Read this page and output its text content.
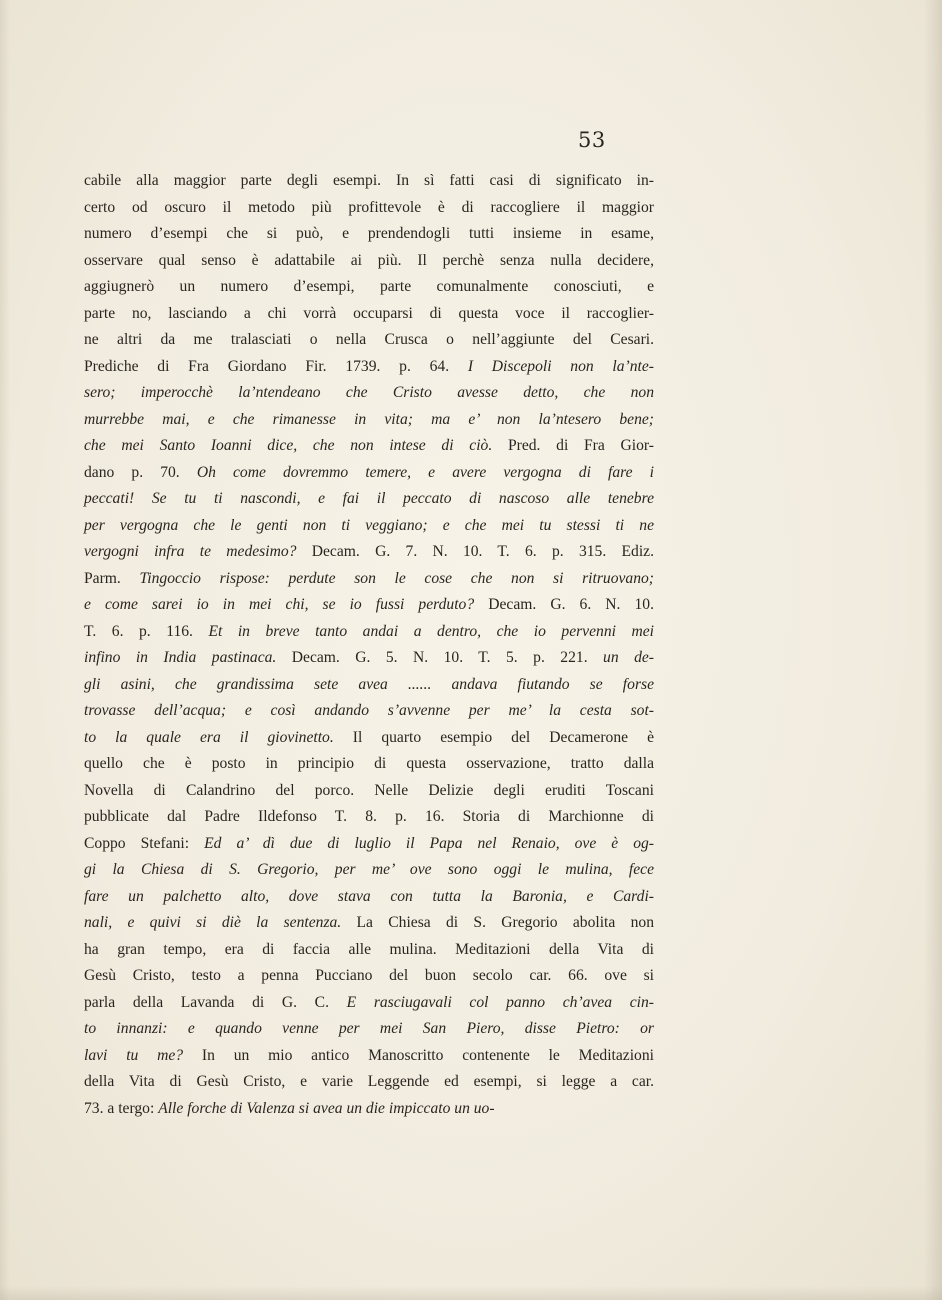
53
cabile alla maggior parte degli esempi. In sì fatti casi di significato in-
certo od oscuro il metodo più profittevole è di raccogliere il maggior
numero d’esempi che si può, e prendendogli tutti insieme in esame,
osservare qual senso è adattabile ai più. Il perchè senza nulla decidere,
aggiugnerò un numero d’esempi, parte comunalmente conosciuti, e
parte no, lasciando a chi vorrà occuparsi di questa voce il raccoglier-
ne altri da me tralasciati o nella Crusca o nell’aggiunte del Cesari.
Prediche di Fra Giordano Fir. 1739. p. 64. I Discepoli non la’nte-
sero; imperocchè la’ntendeano che Cristo avesse detto, che non
murrebbe mai, e che rimanesse in vita; ma e’ non la’ntesero bene;
che mei Santo Ioanni dice, che non intese di ciò. Pred. di Fra Gior-
dano p. 70. Oh come dovremmo temere, e avere vergogna di fare i
peccati! Se tu ti nascondi, e fai il peccato di nascoso alle tenebre
per vergogna che le genti non ti veggiano; e che mei tu stessi ti ne
vergogni infra te medesimo? Decam. G. 7. N. 10. T. 6. p. 315. Ediz.
Parm. Tingoccio rispose: perdute son le cose che non si ritruovano;
e come sarei io in mei chi, se io fussi perduto? Decam. G. 6. N. 10.
T. 6. p. 116. Et in breve tanto andai a dentro, che io pervenni mei
infino in India pastinaca. Decam. G. 5. N. 10. T. 5. p. 221. un de-
gli asini, che grandissima sete avea ...... andava fiutando se forse
trovasse dell’acqua; e così andando s’avvenne per me’ la cesta sot-
to la quale era il giovinetto. Il quarto esempio del Decamerone è
quello che è posto in principio di questa osservazione, tratto dalla
Novella di Calandrino del porco. Nelle Delizie degli eruditi Toscani
pubblicate dal Padre Ildefonso T. 8. p. 16. Storia di Marchionne di
Coppo Stefani: Ed a’ dì due di luglio il Papa nel Renaio, ove è og-
gi la Chiesa di S. Gregorio, per me’ ove sono oggi le mulina, fece
fare un palchetto alto, dove stava con tutta la Baronia, e Cardi-
nali, e quivi si diè la sentenza. La Chiesa di S. Gregorio abolita non
ha gran tempo, era di faccia alle mulina. Meditazioni della Vita di
Gesù Cristo, testo a penna Pucciano del buon secolo car. 66. ove si
parla della Lavanda di G. C. E rasciugavali col panno ch’avea cin-
to innanzi: e quando venne per mei San Piero, disse Pietro: or
lavi tu me? In un mio antico Manoscritto contenente le Meditazioni
della Vita di Gesù Cristo, e varie Leggende ed esempi, si legge a car.
73. a tergo: Alle forche di Valenza si avea un die impiccato un uo-
